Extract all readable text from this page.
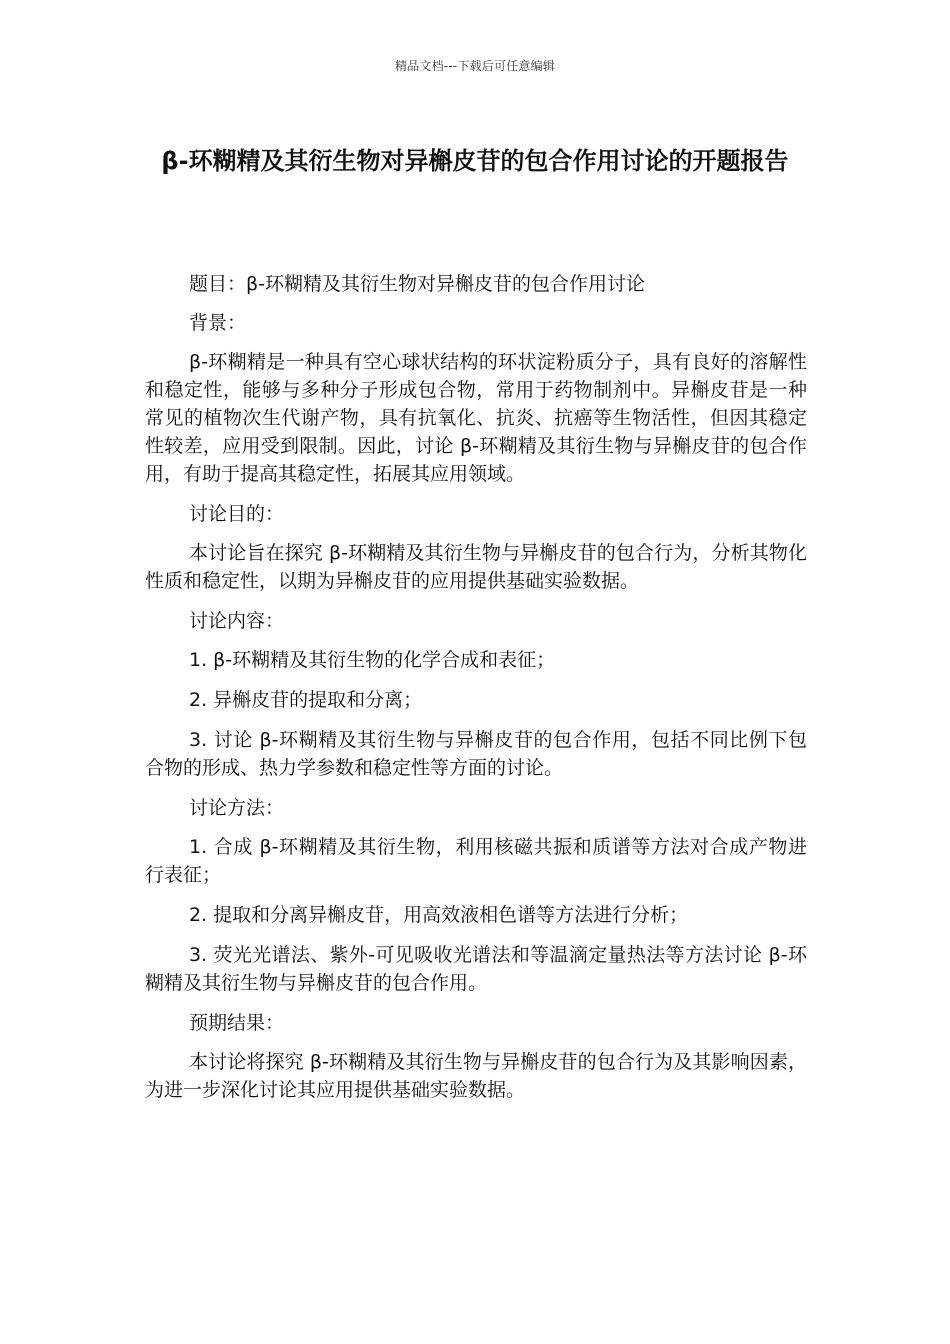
精品文档---下载后可任意编辑
β-环糊精及其衍生物对异槲皮苷的包合作用讨论的开题报告

题目：β-环糊精及其衍生物对异槲皮苷的包合作用讨论

背景：

β-环糊精是一种具有空心球状结构的环状淀粉质分子，具有良好的溶解性和稳定性，能够与多种分子形成包合物，常用于药物制剂中。异槲皮苷是一种常见的植物次生代谢产物，具有抗氧化、抗炎、抗癌等生物活性，但因其稳定性较差，应用受到限制。因此，讨论 β-环糊精及其衍生物与异槲皮苷的包合作用，有助于提高其稳定性，拓展其应用领域。

讨论目的：

本讨论旨在探究 β-环糊精及其衍生物与异槲皮苷的包合行为，分析其物化性质和稳定性，以期为异槲皮苷的应用提供基础实验数据。

讨论内容：

1. β-环糊精及其衍生物的化学合成和表征；

2. 异槲皮苷的提取和分离；

3. 讨论 β-环糊精及其衍生物与异槲皮苷的包合作用，包括不同比例下包合物的形成、热力学参数和稳定性等方面的讨论。

讨论方法：

1. 合成 β-环糊精及其衍生物，利用核磁共振和质谱等方法对合成产物进行表征；

2. 提取和分离异槲皮苷，用高效液相色谱等方法进行分析；

3. 荧光光谱法、紫外-可见吸收光谱法和等温滴定量热法等方法讨论 β-环糊精及其衍生物与异槲皮苷的包合作用。

预期结果：

本讨论将探究 β-环糊精及其衍生物与异槲皮苷的包合行为及其影响因素，为进一步深化讨论其应用提供基础实验数据。
